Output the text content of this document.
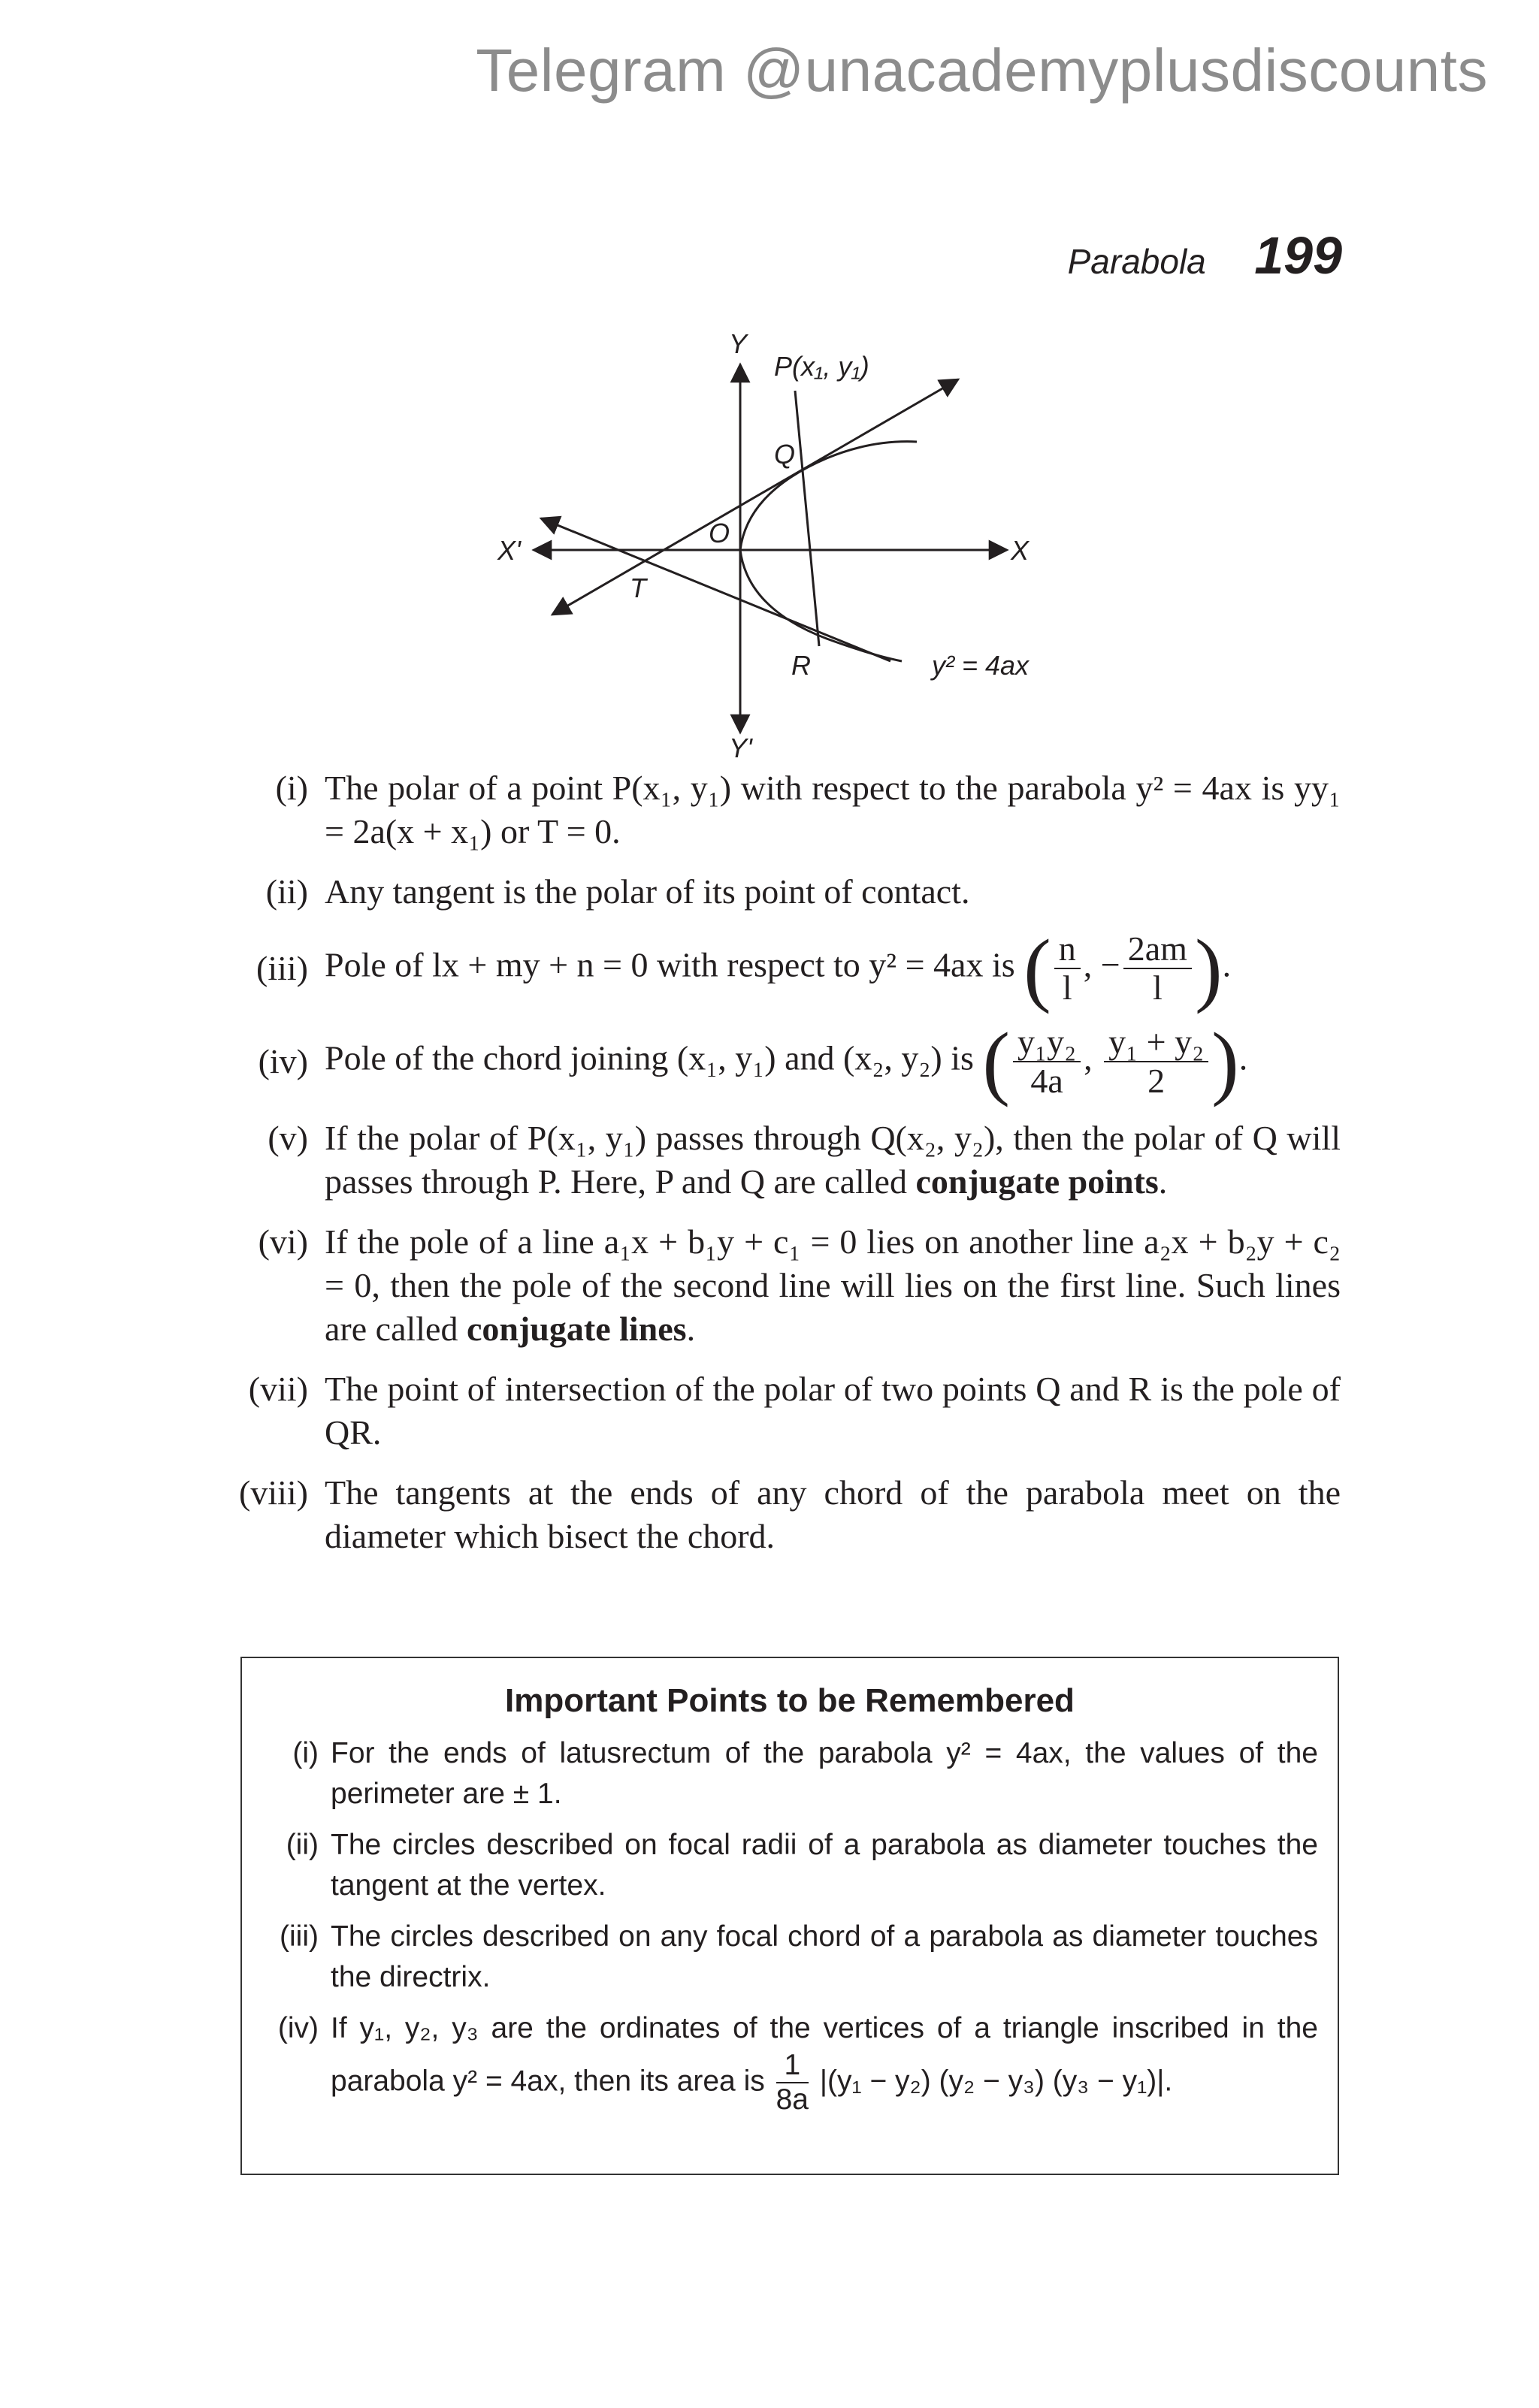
Telegram @unacademyplusdiscounts
Parabola 199
Y
Y'
X
X'
P(x₁, y₁)
Q
O
T
R	y² = 4ax
(i) The polar of a point P(x₁, y₁) with respect to the parabola y² = 4ax is yy₁ = 2a(x + x₁) or T = 0.
(ii) Any tangent is the polar of its point of contact.
(iii) Pole of lx + my + n = 0 with respect to y² = 4ax is ( $\frac{n}{l}$ , − $\frac{2am}{l}$ ).
(iv) Pole of the chord joining (x₁, y₁) and (x₂, y₂) is ( $\frac{\text{y₁y₂}}{4a}$ , $\frac{\text{y₁ + y₂}}{2}$ ).
(v) If the polar of P(x₁, y₁) passes through Q(x₂, y₂), then the polar of Q will passes through P. Here, P and Q are called conjugate points.
(vi) If the pole of a line a₁x + b₁y + c₁ = 0 lies on another line a₂x + b₂y + c₂ = 0, then the pole of the second line will lies on the first line. Such lines are called conjugate lines.
(vii) The point of intersection of the polar of two points Q and R is the pole of QR.
(viii) The tangents at the ends of any chord of the parabola meet on the diameter which bisect the chord.
Important Points to be Remembered
(i) For the ends of latusrectum of the parabola y² = 4ax, the values of the perimeter are ± 1.
(ii) The circles described on focal radii of a parabola as diameter touches the tangent at the vertex.
(iii) The circles described on any focal chord of a parabola as diameter touches the directrix.
(iv) If y₁, y₂, y₃ are the ordinates of the vertices of a triangle inscribed in the parabola y² = 4ax, then its area is $\frac{1}{8a} |(y_1 - y_2) (y_2 - y_3) (y_3 - y_1)|$.
